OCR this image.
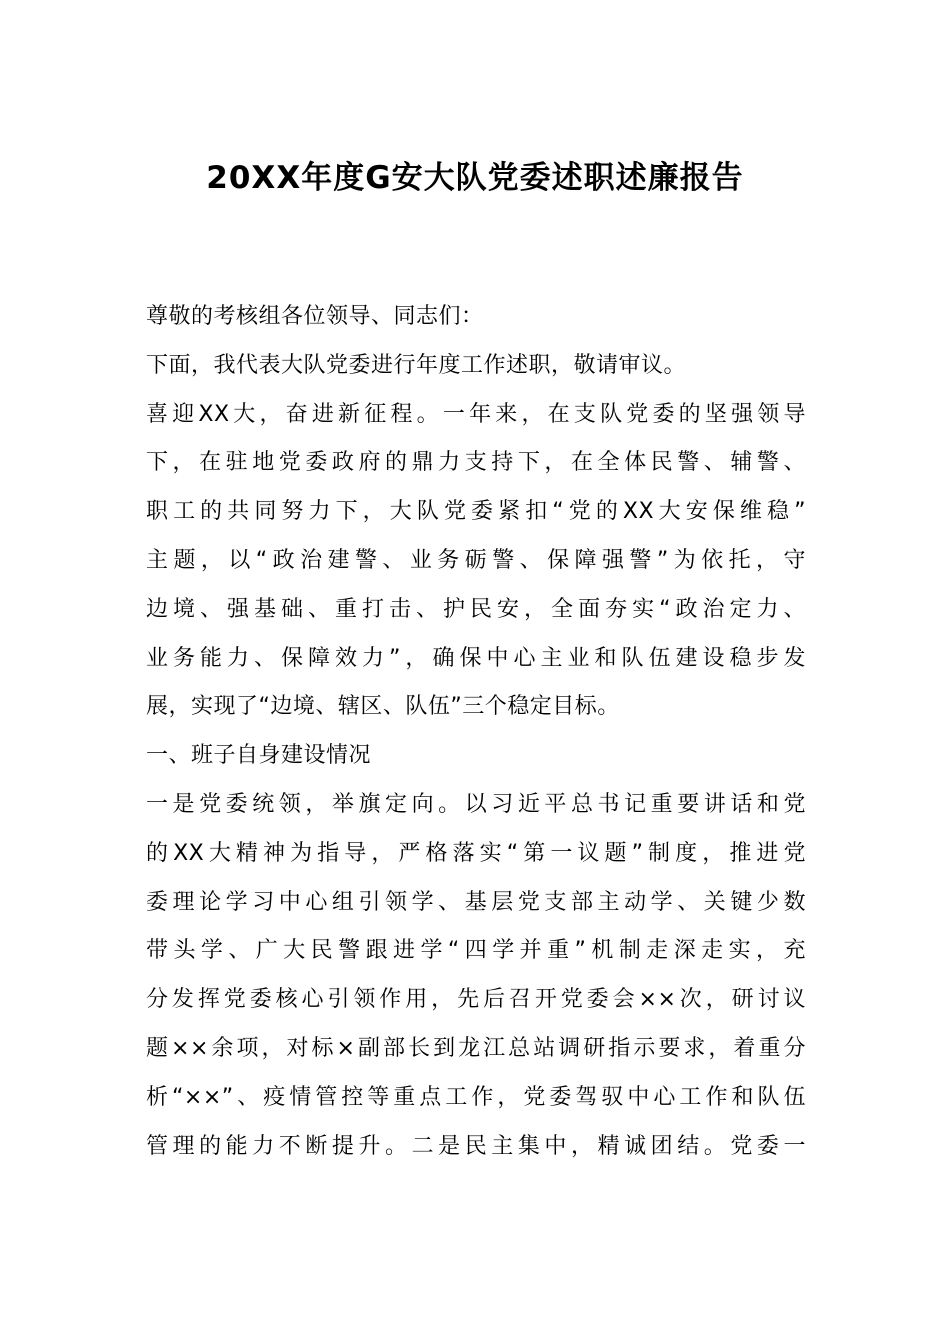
20XX年度G安大队党委述职述廉报告
尊敬的考核组各位领导、同志们：
下面，我代表大队党委进行年度工作述职，敬请审议。
喜迎XX大，奋进新征程。一年来，在支队党委的坚强领导
下，在驻地党委政府的鼎力支持下，在全体民警、辅警、
职工的共同努力下，大队党委紧扣“党的XX大安保维稳”
主题，以“政治建警、业务砺警、保障强警”为依托，守
边境、强基础、重打击、护民安，全面夯实“政治定力、
业务能力、保障效力”，确保中心主业和队伍建设稳步发
展，实现了“边境、辖区、队伍”三个稳定目标。
一、班子自身建设情况
一是党委统领，举旗定向。以习近平总书记重要讲话和党
的XX大精神为指导，严格落实“第一议题”制度，推进党
委理论学习中心组引领学、基层党支部主动学、关键少数
带头学、广大民警跟进学“四学并重”机制走深走实，充
分发挥党委核心引领作用，先后召开党委会××次，研讨议
题××余项，对标×副部长到龙江总站调研指示要求，着重分
析“××”、疫情管控等重点工作，党委驾驭中心工作和队伍
管理的能力不断提升。二是民主集中，精诚团结。党委一
